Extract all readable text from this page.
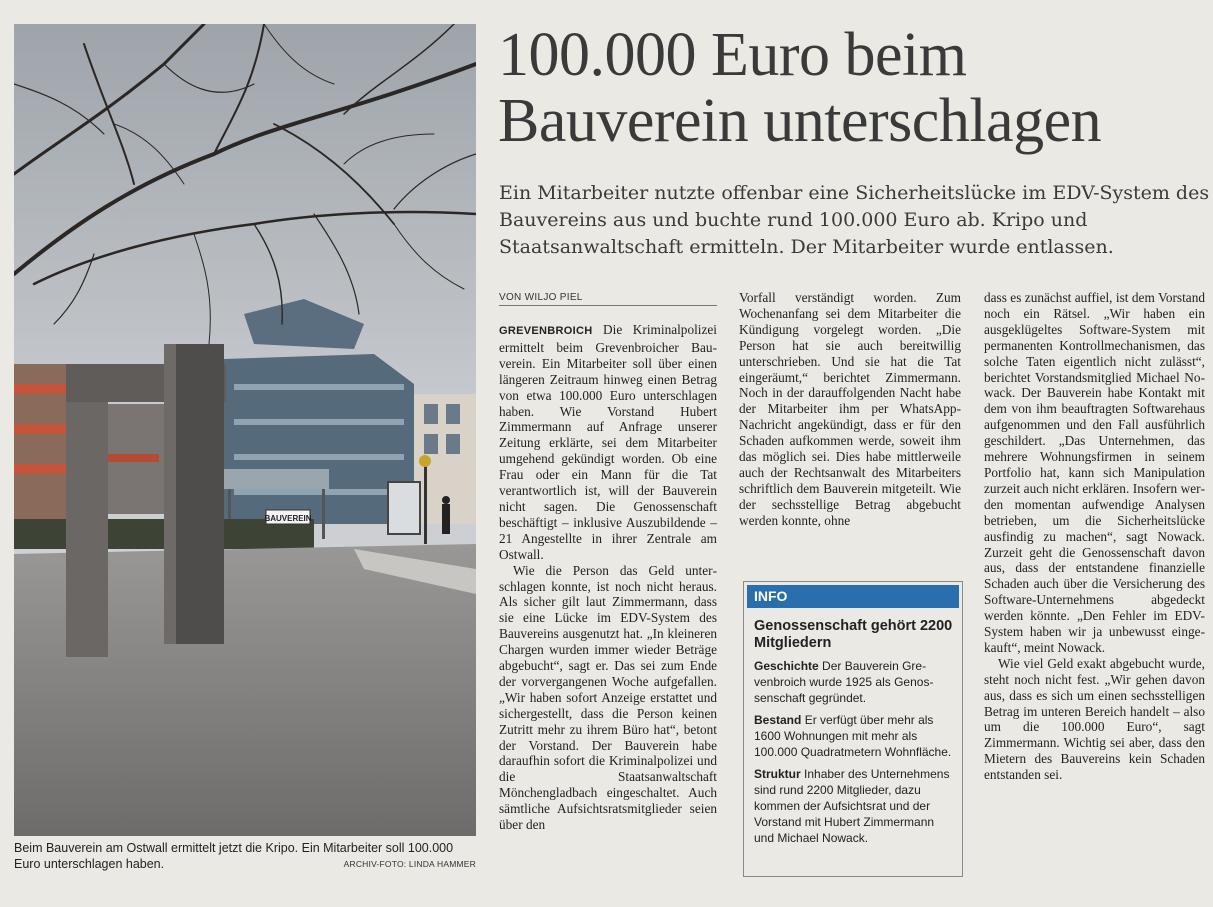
BAUVEREIN
Beim Bauverein am Ostwall ermittelt jetzt die Kripo. Ein Mitarbeiter soll 100.000 Euro unterschlagen haben.	ARCHIV-FOTO: LINDA HAMMER
100.000 Euro beim Bauverein unterschlagen

Ein Mitarbeiter nutzte offenbar eine Sicherheitslücke im EDV-System des Bauvereins aus und buchte rund 100.000 Euro ab. Kripo und Staatsanwaltschaft ermitteln. Der Mitarbeiter wurde entlassen.

VON WILJO PIEL

GREVENBROICH Die Kriminalpolizei ermittelt beim Grevenbroicher Bauverein. Ein Mitarbeiter soll über einen längeren Zeitraum hinweg einen Betrag von etwa 100.000 Euro unterschlagen haben. Wie Vorstand Hubert Zimmermann auf Anfrage unserer Zeitung erklärte, sei dem Mitarbeiter umgehend gekündigt worden. Ob eine Frau oder ein Mann für die Tat verantwortlich ist, will der Bauverein nicht sagen. Die Genossenschaft beschäftigt – inklusive Auszubildende – 21 Angestellte in ihrer Zentrale am Ostwall.

Wie die Person das Geld unterschlagen konnte, ist noch nicht heraus. Als sicher gilt laut Zimmermann, dass sie eine Lücke im EDV-System des Bauvereins ausgenutzt hat. „In kleineren Chargen wurden immer wieder Beträge abgebucht“, sagt er. Das sei zum Ende der vorvergangenen Woche aufgefallen. „Wir haben sofort Anzeige erstattet und sichergestellt, dass die Person keinen Zutritt mehr zu ihrem Büro hat“, betont der Vorstand. Der Bauverein habe daraufhin sofort die Kriminalpolizei und die Staatsanwaltschaft Mönchengladbach eingeschaltet. Auch sämtliche Aufsichtsratsmitglieder seien über den

Vorfall verständigt worden. Zum Wochenanfang sei dem Mitarbeiter die Kündigung vorgelegt worden. „Die Person hat sie auch bereitwillig unterschrieben. Und sie hat die Tat eingeräumt,“ berichtet Zimmermann. Noch in der darauffolgenden Nacht habe der Mitarbeiter ihm per WhatsApp-Nachricht angekündigt, dass er für den Schaden aufkommen werde, soweit ihm das möglich sei. Dies habe mittlerweile auch der Rechtsanwalt des Mitarbeiters schriftlich dem Bauverein mitgeteilt. Wie der sechsstellige Betrag abgebucht werden konnte, ohne

INFO
Genossenschaft gehört 2200 Mitgliedern

Geschichte Der Bauverein Grevenbroich wurde 1925 als Genossenschaft gegründet.

Bestand Er verfügt über mehr als 1600 Wohnungen mit mehr als 100.000 Quadratmetern Wohnfläche.

Struktur Inhaber des Unternehmens sind rund 2200 Mitglieder, dazu kommen der Aufsichtsrat und der Vorstand mit Hubert Zimmermann und Michael Nowack.

dass es zunächst auffiel, ist dem Vorstand noch ein Rätsel. „Wir haben ein ausgeklügeltes Software-System mit permanenten Kontrollmechanismen, das solche Taten eigentlich nicht zulässt“, berichtet Vorstandsmitglied Michael Nowack. Der Bauverein habe Kontakt mit dem von ihm beauftragten Softwarehaus aufgenommen und den Fall ausführlich geschildert. „Das Unternehmen, das mehrere Wohnungsfirmen in seinem Portfolio hat, kann sich Manipulation zurzeit auch nicht erklären. Insofern werden momentan aufwendige Analysen betrieben, um die Sicherheitslücke ausfindig zu machen“, sagt Nowack. Zurzeit geht die Genossenschaft davon aus, dass der entstandene finanzielle Schaden auch über die Versicherung des Software-Unternehmens abgedeckt werden könnte. „Den Fehler im EDV-System haben wir ja unbewusst eingekauft“, meint Nowack.

Wie viel Geld exakt abgebucht wurde, steht noch nicht fest. „Wir gehen davon aus, dass es sich um einen sechsstelligen Betrag im unteren Bereich handelt – also um die 100.000 Euro“, sagt Zimmermann. Wichtig sei aber, dass den Mietern des Bauvereins kein Schaden entstanden sei.
